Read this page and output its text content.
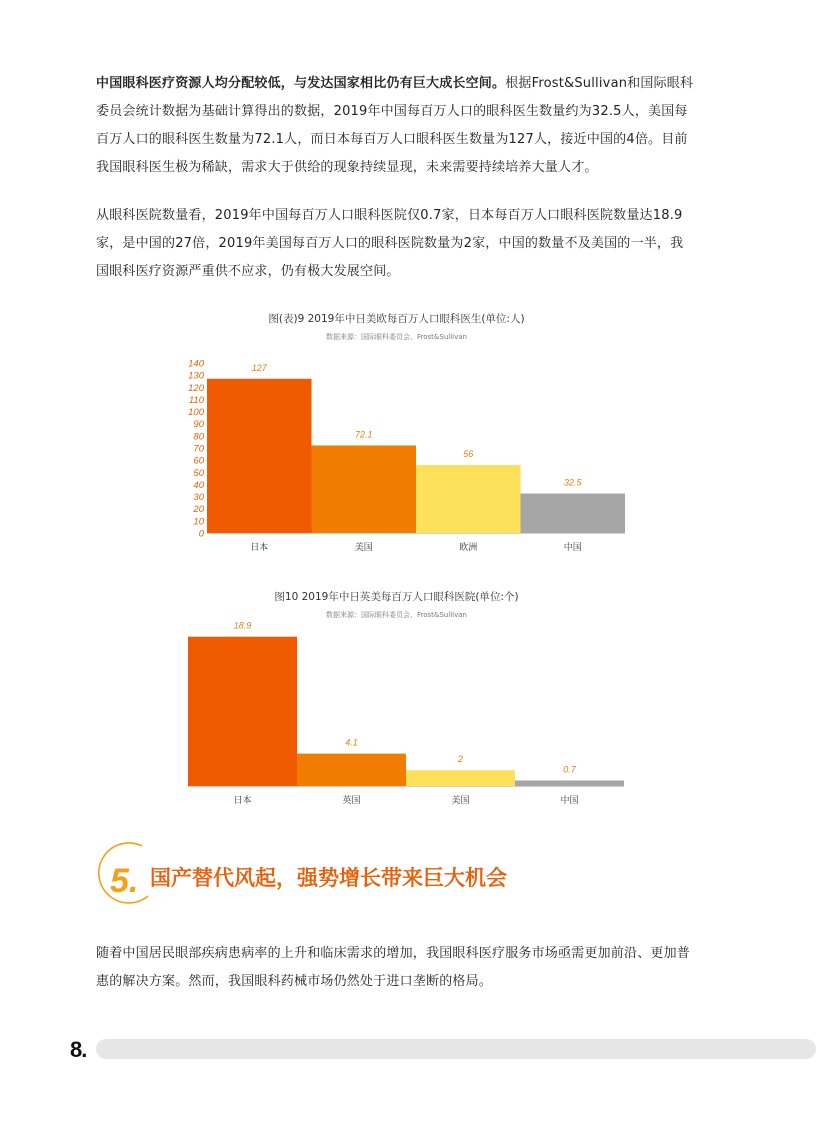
中国眼科医疗资源人均分配较低，与发达国家相比仍有巨大成长空间。根据Frost&Sullivan和国际眼科委员会统计数据为基础计算得出的数据，2019年中国每百万人口的眼科医生数量约为32.5人，美国每百万人口的眼科医生数量为72.1人，而日本每百万人口眼科医生数量为127人，接近中国的4倍。目前我国眼科医生极为稀缺，需求大于供给的现象持续显现，未来需要持续培养大量人才。

从眼科医院数量看，2019年中国每百万人口眼科医院仅0.7家，日本每百万人口眼科医院数量达18.9家，是中国的27倍，2019年美国每百万人口的眼科医院数量为2家，中国的数量不及美国的一半，我国眼科医疗资源严重供不应求，仍有极大发展空间。

图(表)9 2019年中日美欧每百万人口眼科医生(单位:人)
数据来源：国际眼科委员会、Frost&Sullivan
0
10
20
30
40
50
60
70
80
90
100
110
120
130
140	127
日本
72.1
美国
56
欧洲
32.5
中国
图10 2019年中日英美每百万人口眼科医院(单位:个)
数据来源：国际眼科委员会、Frost&Sullivan
18.9
日本
4.1
英国
2
美国
0.7
中国
5. 国产替代风起，强势增长带来巨大机会

随着中国居民眼部疾病患病率的上升和临床需求的增加，我国眼科医疗服务市场亟需更加前沿、更加普惠的解决方案。然而，我国眼科药械市场仍然处于进口垄断的格局。

8.
